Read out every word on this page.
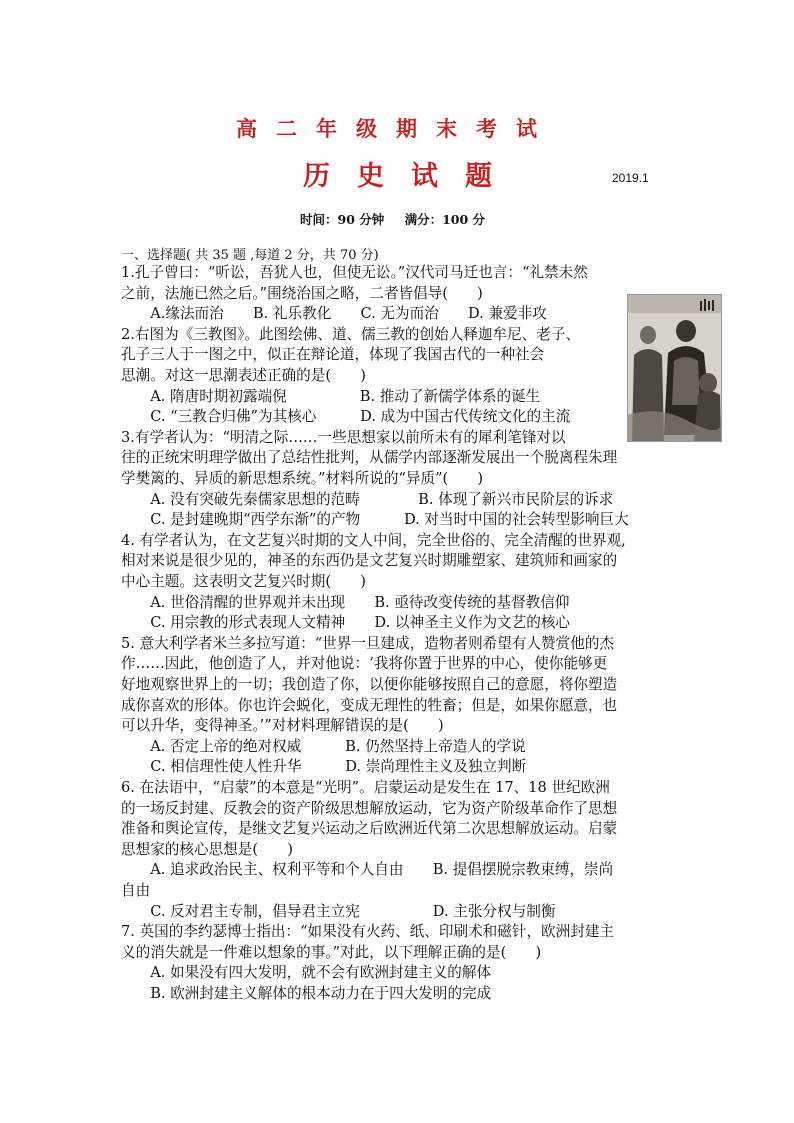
高二年级期末考试
历史试题	2019.1
时间：90 分钟 满分：100 分
一、选择题( 共 35 题 ,每道 2 分，共 70 分)
1.孔子曾曰：“听讼，吾犹人也，但使无讼。”汉代司马迁也言：“礼禁未然
之前，法施已然之后。”围绕治国之略，二者皆倡导(　　)
　　A.缘法而治　　B. 礼乐教化　　C. 无为而治　　D. 兼爱非攻
2.右图为《三教图》。此图绘佛、道、儒三教的创始人释迦牟尼、老子、
孔子三人于一图之中，似正在辩论道，体现了我国古代的一种社会
思潮。对这一思潮表述正确的是(　　)
　　A. 隋唐时期初露端倪　　　　　B. 推动了新儒学体系的诞生
　　C. “三教合归佛”为其核心　　　D. 成为中国古代传统文化的主流
3.有学者认为：“明清之际……一些思想家以前所未有的犀利笔锋对以
往的正统宋明理学做出了总结性批判，从儒学内部逐渐发展出一个脱离程朱理
学樊篱的、异质的新思想系统。”材料所说的“异质”(　　)
　　A. 没有突破先秦儒家思想的范畴　　　　B. 体现了新兴市民阶层的诉求
　　C. 是封建晚期“西学东渐”的产物　　　D. 对当时中国的社会转型影响巨大
4. 有学者认为，在文艺复兴时期的文人中间，完全世俗的、完全清醒的世界观,
相对来说是很少见的，神圣的东西仍是文艺复兴时期雕塑家、建筑师和画家的
中心主题。这表明文艺复兴时期(　　)
　　A. 世俗清醒的世界观并未出现　　B. 亟待改变传统的基督教信仰
　　C. 用宗教的形式表现人文精神　　D. 以神圣主义作为文艺的核心
5. 意大利学者米兰多拉写道：“世界一旦建成，造物者则希望有人赞赏他的杰
作……因此，他创造了人，并对他说：‘我将你置于世界的中心，使你能够更
好地观察世界上的一切；我创造了你，以便你能够按照自己的意愿，将你塑造
成你喜欢的形体。你也许会蜕化，变成无理性的牲畜；但是，如果你愿意，也
可以升华，变得神圣。’”对材料理解错误的是(　　)
　　A. 否定上帝的绝对权威　　　B. 仍然坚持上帝造人的学说
　　C. 相信理性使人性升华　　　D. 崇尚理性主义及独立判断
6. 在法语中，“启蒙”的本意是“光明”。启蒙运动是发生在 17、18 世纪欧洲
的一场反封建、反教会的资产阶级思想解放运动，它为资产阶级革命作了思想
准备和舆论宣传，是继文艺复兴运动之后欧洲近代第二次思想解放运动。启蒙
思想家的核心思想是(　　)
　　A. 追求政治民主、权利平等和个人自由　　B. 提倡摆脱宗教束缚，崇尚
自由
　　C. 反对君主专制，倡导君主立宪　　　　　D. 主张分权与制衡
7. 英国的李约瑟博士指出：“如果没有火药、纸、印刷术和磁针，欧洲封建主
义的消失就是一件难以想象的事。”对此，以下理解正确的是(　　)
　　A. 如果没有四大发明，就不会有欧洲封建主义的解体
　　B. 欧洲封建主义解体的根本动力在于四大发明的完成
